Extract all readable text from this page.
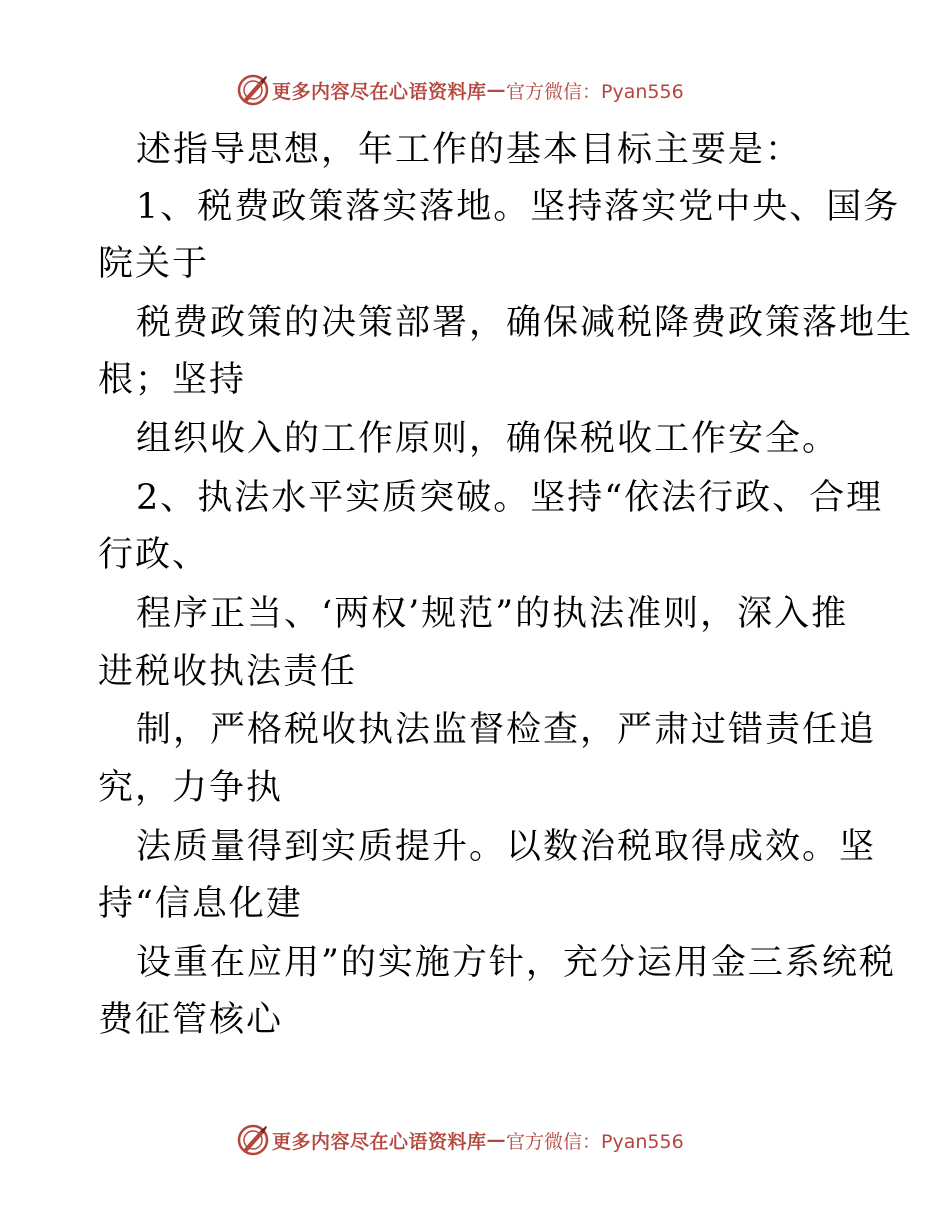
更多内容尽在心语资料库 — 官方微信：Pyan556
述指导思想，年工作的基本目标主要是：
1、税费政策落实落地。坚持落实党中央、国务
院关于
税费政策的决策部署，确保减税降费政策落地生
根；坚持
组织收入的工作原则，确保税收工作安全。
2、执法水平实质突破。坚持“依法行政、合理
行政、
程序正当、‘两权’规范”的执法准则，深入推
进税收执法责任
制，严格税收执法监督检查，严肃过错责任追
究，力争执
法质量得到实质提升。以数治税取得成效。坚
持“信息化建
设重在应用”的实施方针，充分运用金三系统税
费征管核心
更多内容尽在心语资料库 — 官方微信：Pyan556
